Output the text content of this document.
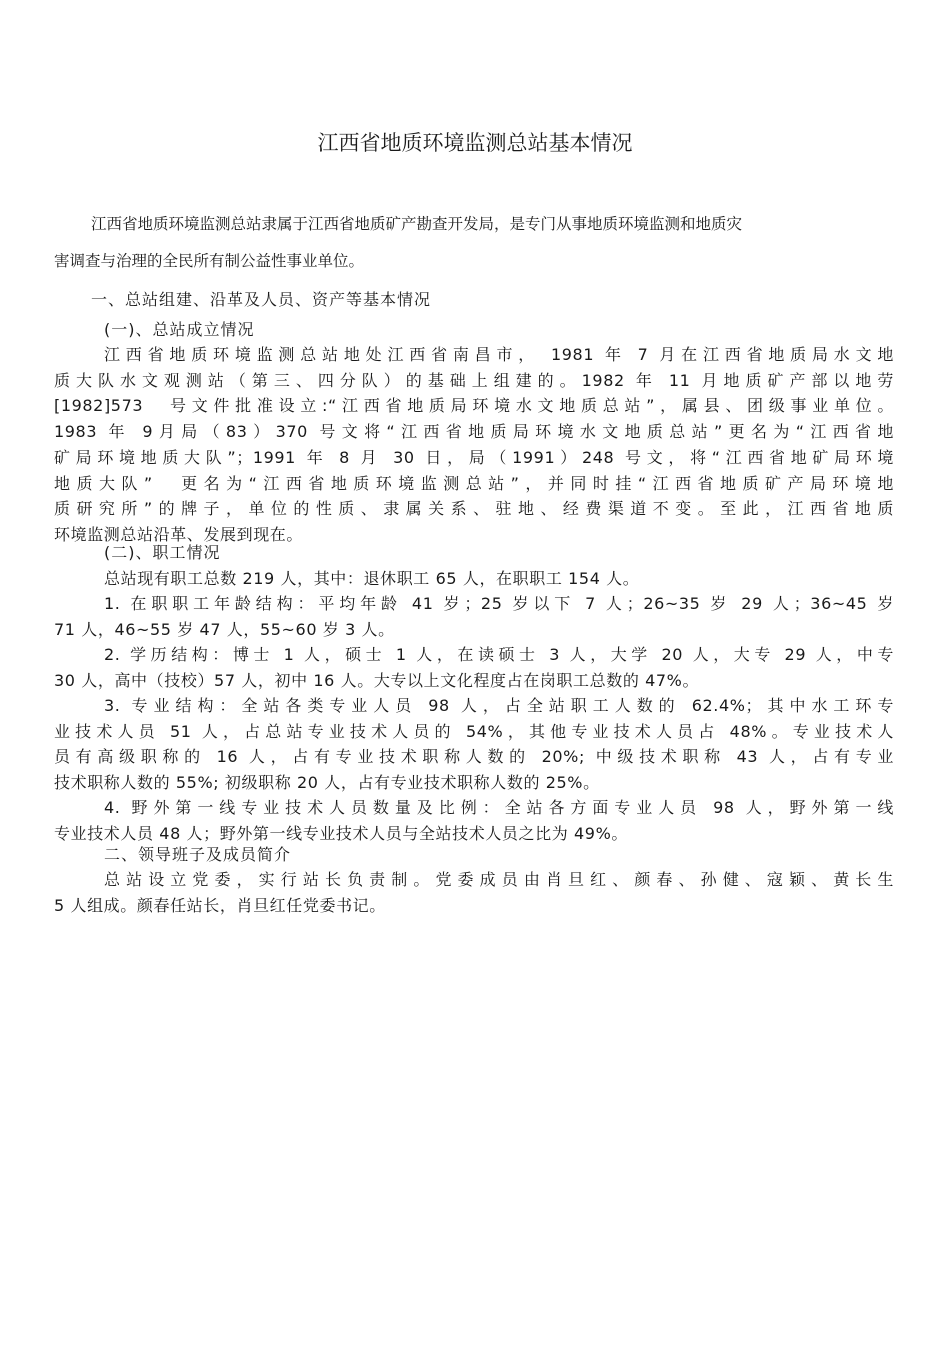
江西省地质环境监测总站基本情况
江西省地质环境监测总站隶属于江西省地质矿产勘查开发局，是专门从事地质环境监测和地质灾
害调查与治理的全民所有制公益性事业单位。
一、总站组建、沿革及人员、资产等基本情况
(一)、总站成立情况
江西省地质环境监测总站地处江西省南昌市， 1981 年 7 月在江西省地质局水文地
质大队水文观测站（第三、四分队）的基础上组建的。1982 年 11 月地质矿产部以地劳
[1982]573　号文件批准设立:“江西省地质局环境水文地质总站”，属县、团级事业单位。
1983 年 9月局（83）370 号文将“江西省地质局环境水文地质总站”更名为“江西省地
矿局环境地质大队”；1991 年 8 月 30 日，局（1991）248 号文，将“江西省地矿局环境
地质大队”　更名为“江西省地质环境监测总站”，并同时挂“江西省地质矿产局环境地
质研究所”的牌子，单位的性质、隶属关系、驻地、经费渠道不变。至此，江西省地质
环境监测总站沿革、发展到现在。
(二)、职工情况
总站现有职工总数 219 人，其中：退休职工 65 人，在职职工 154 人。
1. 在职职工年龄结构：平均年龄 41 岁；25 岁以下 7 人；26~35 岁 29 人；36~45 岁
71 人，46~55 岁 47 人，55~60 岁 3 人。
2. 学历结构：博士 1 人，硕士 1 人，在读硕士 3 人，大学 20 人，大专 29 人，中专
30 人，高中（技校）57 人，初中 16 人。大专以上文化程度占在岗职工总数的 47%。
3. 专业结构：全站各类专业人员 98 人，占全站职工人数的 62.4%；其中水工环专
业技术人员 51 人，占总站专业技术人员的 54%，其他专业技术人员占 48%。专业技术人
员有高级职称的 16 人，占有专业技术职称人数的 20%; 中级技术职称 43 人，占有专业
技术职称人数的 55%; 初级职称 20 人，占有专业技术职称人数的 25%。
4. 野外第一线专业技术人员数量及比例：全站各方面专业人员 98 人，野外第一线
专业技术人员 48 人；野外第一线专业技术人员与全站技术人员之比为 49%。
二、领导班子及成员简介
总站设立党委，实行站长负责制。党委成员由肖旦红、颜春、孙健、寇颖、黄长生
5 人组成。颜春任站长，肖旦红任党委书记。
